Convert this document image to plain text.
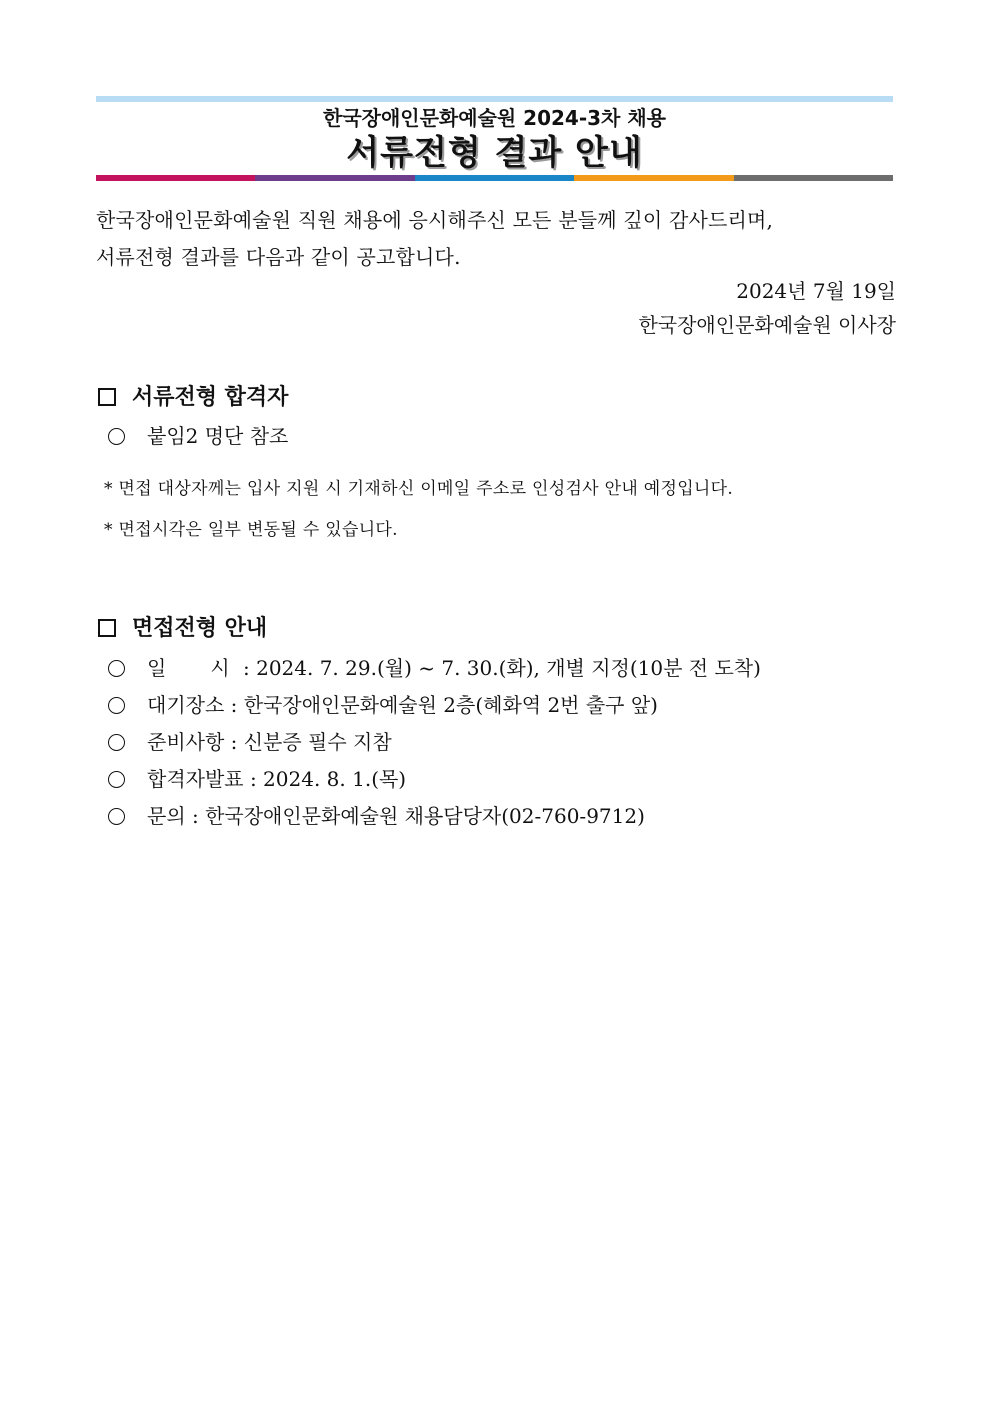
한국장애인문화예술원 2024-3차 채용
서류전형 결과 안내

한국장애인문화예술원 직원 채용에 응시해주신 모든 분들께 깊이 감사드리며,

서류전형 결과를 다음과 같이 공고합니다.

2024년 7월 19일
한국장애인문화예술원 이사장
서류전형 합격자
붙임2 명단 참조
* 면접 대상자께는 입사 지원 시 기재하신 이메일 주소로 인성검사 안내 예정입니다.
* 면접시각은 일부 변동될 수 있습니다.
면접전형 안내
일 시 : 2024. 7. 29.(월) ~ 7. 30.(화), 개별 지정(10분 전 도착)
대기장소 : 한국장애인문화예술원 2층(혜화역 2번 출구 앞)
준비사항 : 신분증 필수 지참
합격자발표 : 2024. 8. 1.(목)
문의 : 한국장애인문화예술원 채용담당자(02-760-9712)
